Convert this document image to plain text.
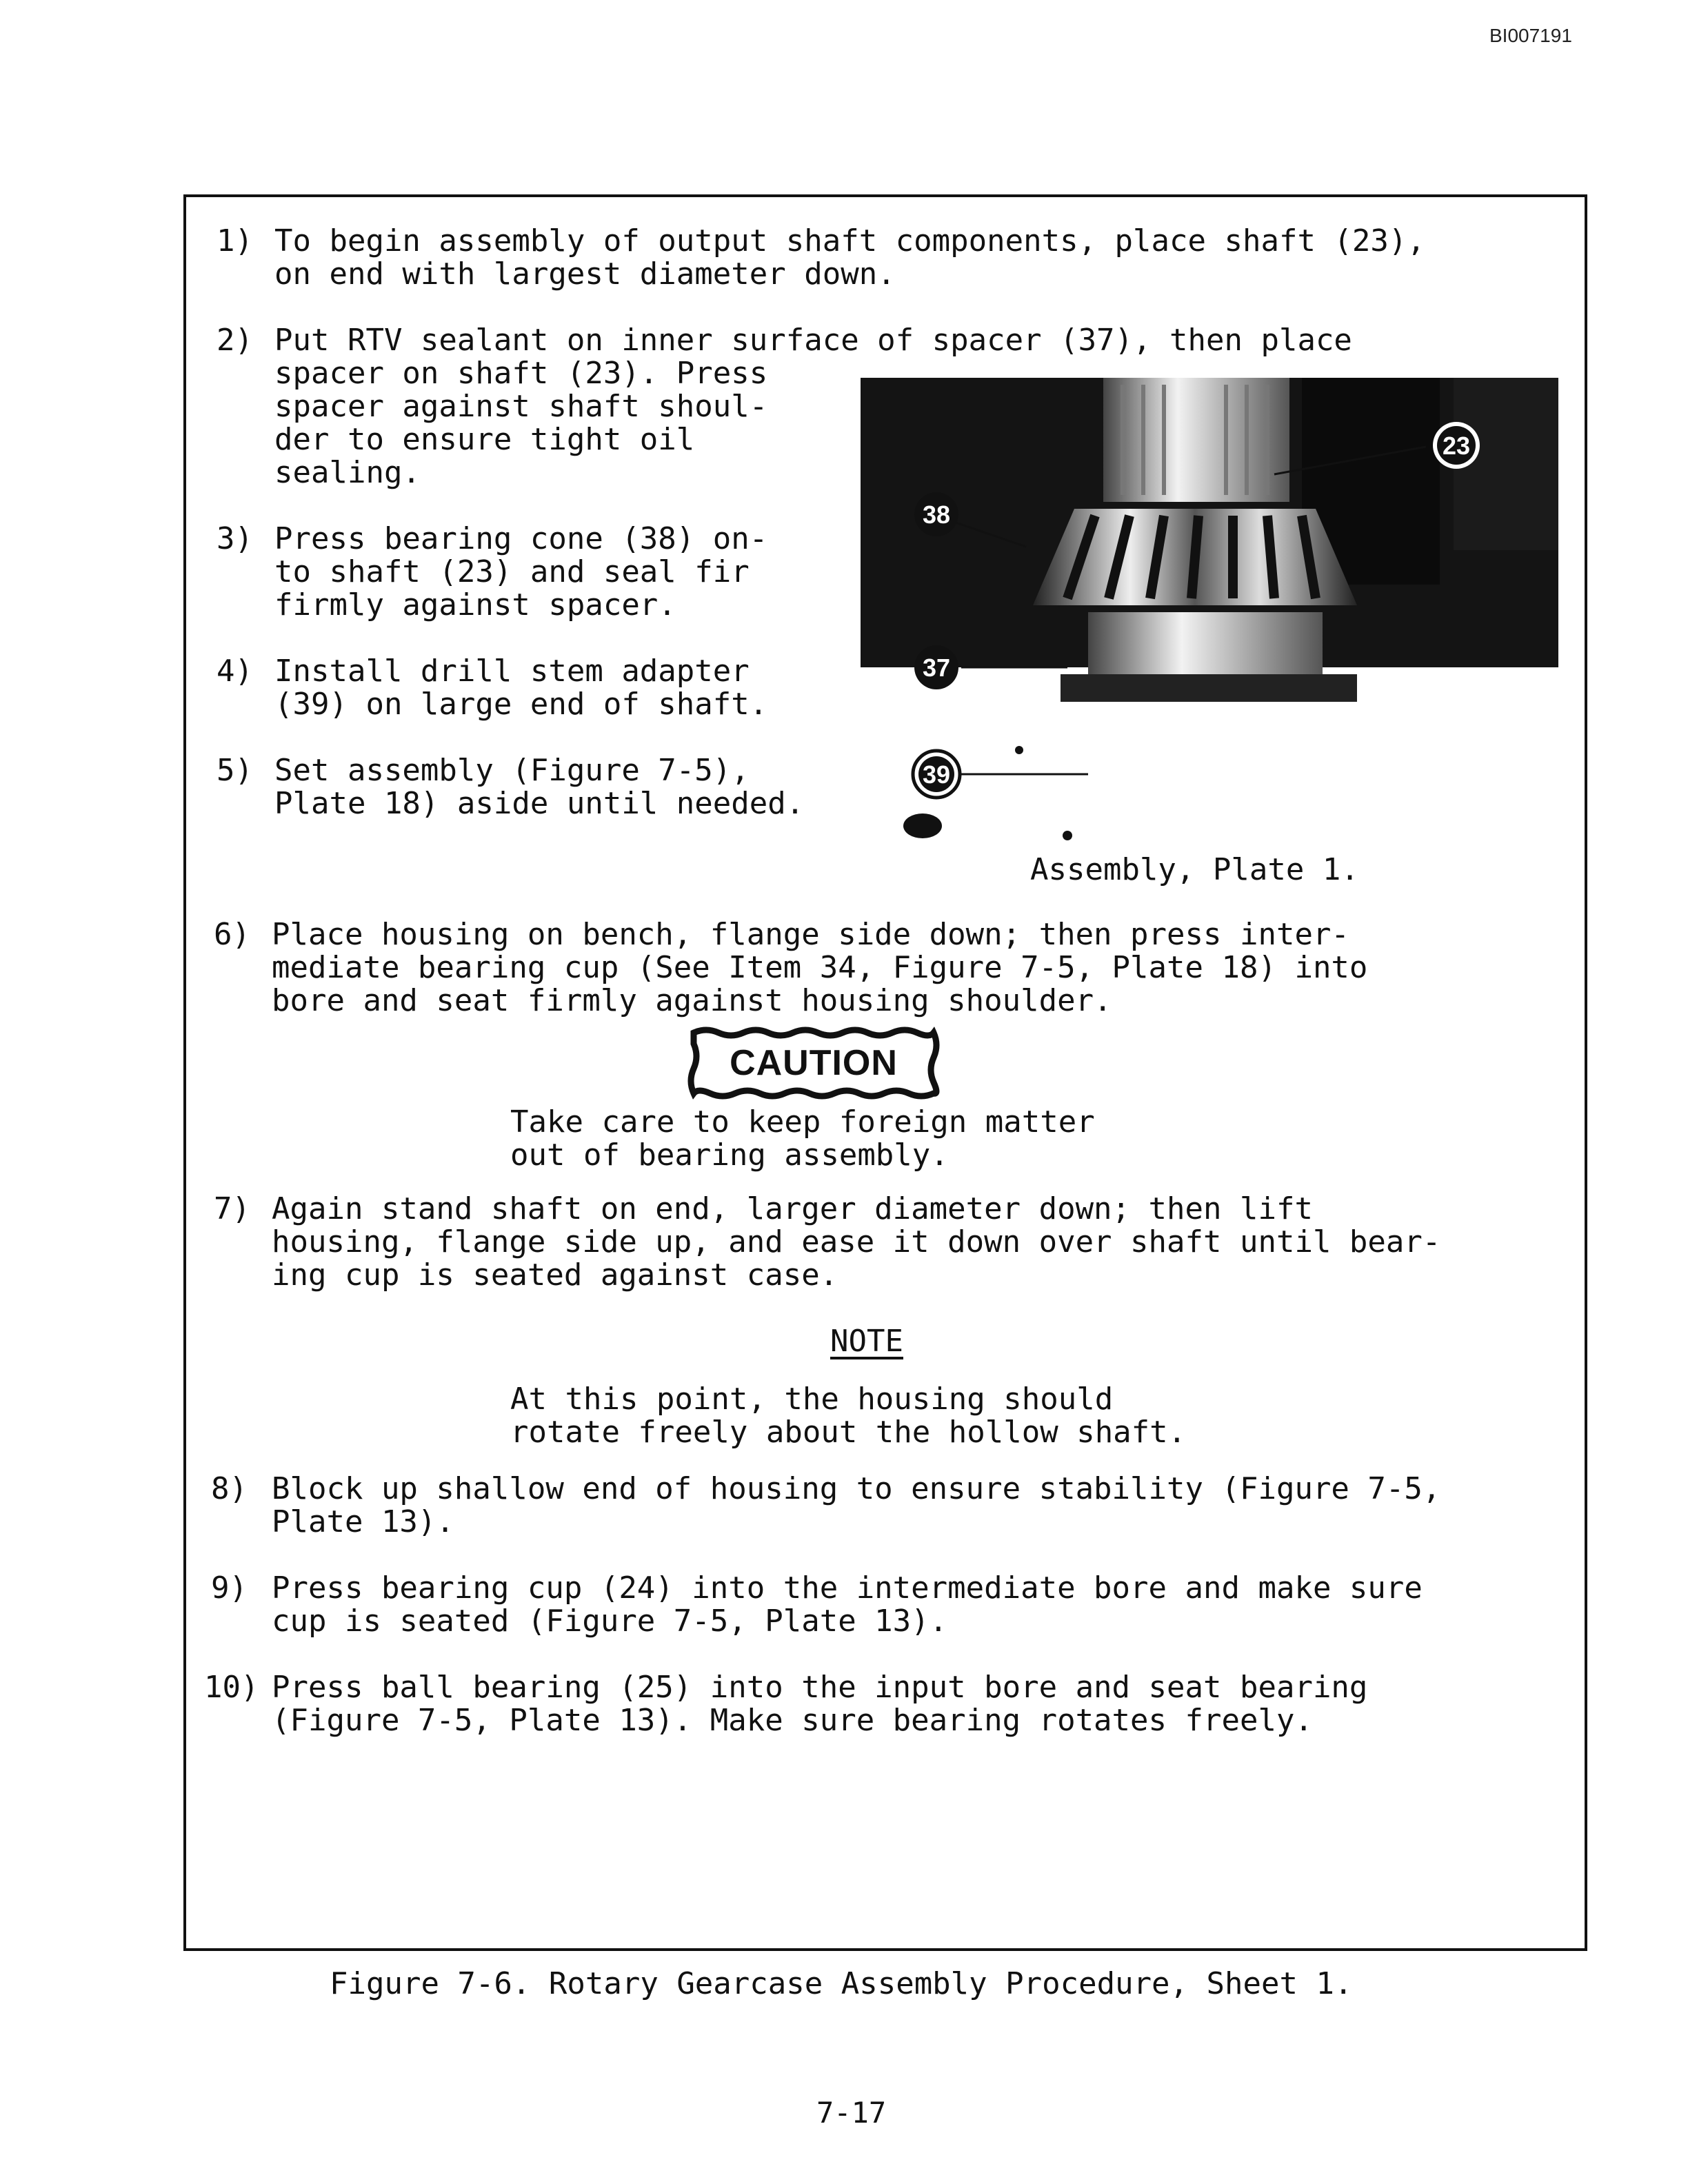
BI007191

1)

To begin assembly of output shaft components, place shaft (23),

on end with largest diameter down.

2)

Put RTV sealant on inner surface of spacer (37), then place

spacer on shaft (23). Press

spacer against shaft shoul-

der to ensure tight oil

sealing.

3)

Press bearing cone (38) on-

to shaft (23) and seal fir

firmly against spacer.

4)

Install drill stem adapter

(39) on large end of shaft.

5)

Set assembly (Figure 7-5),

Plate 18) aside until needed.

38
37
39
23
Assembly, Plate 1.

6)

Place housing on bench, flange side down; then press inter-

mediate bearing cup (See Item 34, Figure 7-5, Plate 18) into

bore and seat firmly against housing shoulder.

CAUTION

Take care to keep foreign matter

out of bearing assembly.

7)

Again stand shaft on end, larger diameter down; then lift

housing, flange side up, and ease it down over shaft until bear-

ing cup is seated against case.

NOTE

At this point, the housing should

rotate freely about the hollow shaft.

8)

Block up shallow end of housing to ensure stability (Figure 7-5,

Plate 13).

9)

Press bearing cup (24) into the intermediate bore and make sure

cup is seated (Figure 7-5, Plate 13).

10)

Press ball bearing (25) into the input bore and seat bearing

(Figure 7-5, Plate 13). Make sure bearing rotates freely.

Figure 7-6. Rotary Gearcase Assembly Procedure, Sheet 1.
7-17
